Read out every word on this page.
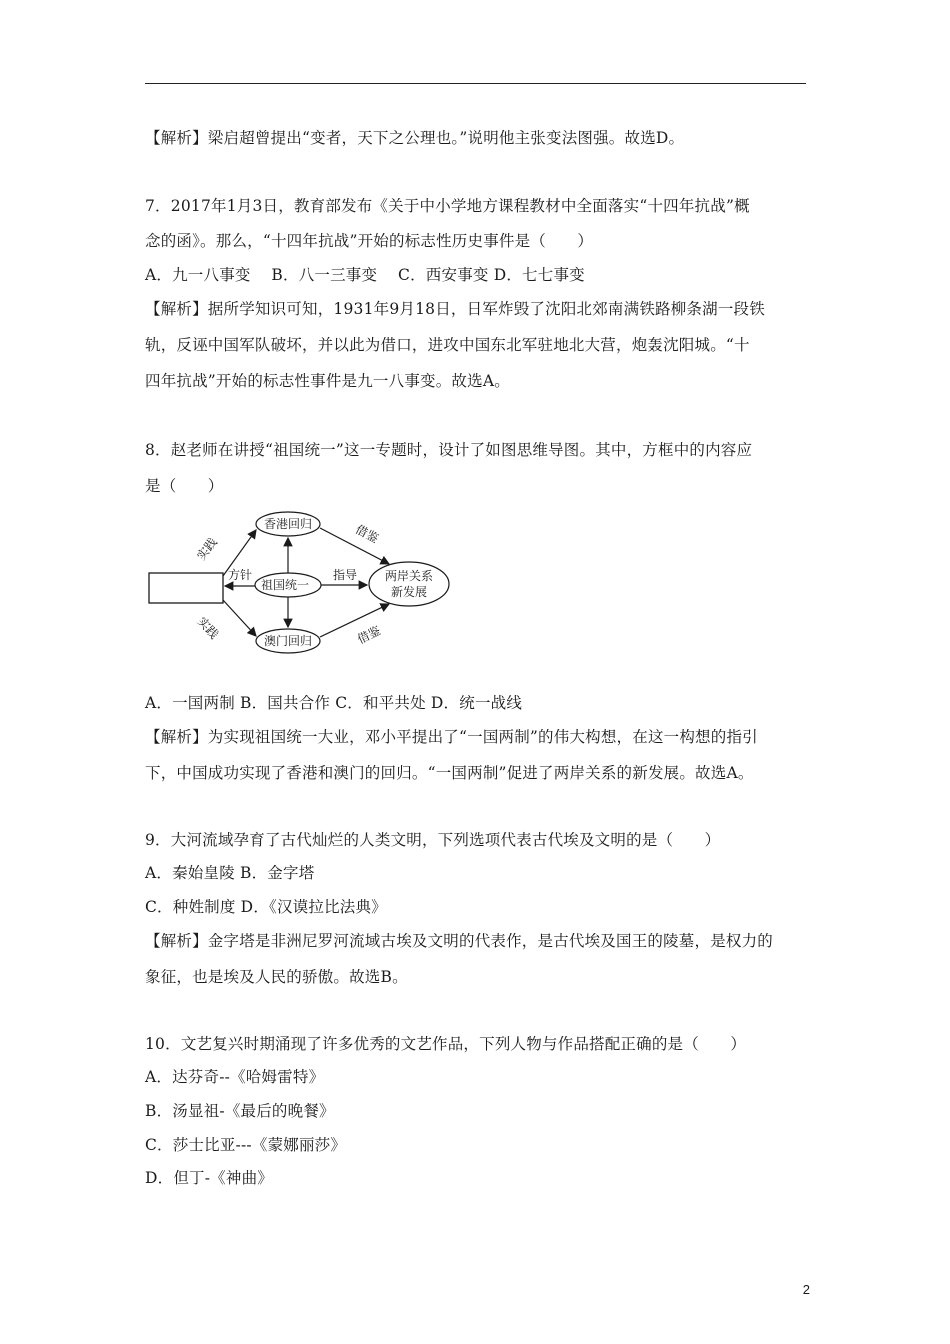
【解析】梁启超曾提出“变者，天下之公理也。”说明他主张变法图强。故选D。
7．2017年1月3日，教育部发布《关于中小学地方课程教材中全面落实“十四年抗战”概
念的函》。那么，“十四年抗战”开始的标志性历史事件是（　　）
A．九一八事变　 B．八一三事变　 C．西安事变 D．七七事变
【解析】据所学知识可知，1931年9月18日，日军炸毁了沈阳北郊南满铁路柳条湖一段铁
轨，反诬中国军队破坏，并以此为借口，进攻中国东北军驻地北大营，炮轰沈阳城。“十
四年抗战”开始的标志性事件是九一八事变。故选A。
8．赵老师在讲授“祖国统一”这一专题时，设计了如图思维导图。其中，方框中的内容应
是（　　）
香港回归
祖国统一
澳门回归
两岸关系
新发展
实践
实践
方针	指导
借鉴
借鉴
A．一国两制 B．国共合作 C．和平共处 D．统一战线
【解析】为实现祖国统一大业，邓小平提出了“一国两制”的伟大构想，在这一构想的指引
下，中国成功实现了香港和澳门的回归。“一国两制”促进了两岸关系的新发展。故选A。
9．大河流域孕育了古代灿烂的人类文明，下列选项代表古代埃及文明的是（　　）
A．秦始皇陵 B．金字塔
C．种姓制度 D．《汉谟拉比法典》
【解析】金字塔是非洲尼罗河流域古埃及文明的代表作，是古代埃及国王的陵墓，是权力的
象征，也是埃及人民的骄傲。故选B。
10．文艺复兴时期涌现了许多优秀的文艺作品，下列人物与作品搭配正确的是（　　）
A．达芬奇--《哈姆雷特》
B．汤显祖-《最后的晚餐》
C．莎士比亚---《蒙娜丽莎》
D．但丁-《神曲》
2
